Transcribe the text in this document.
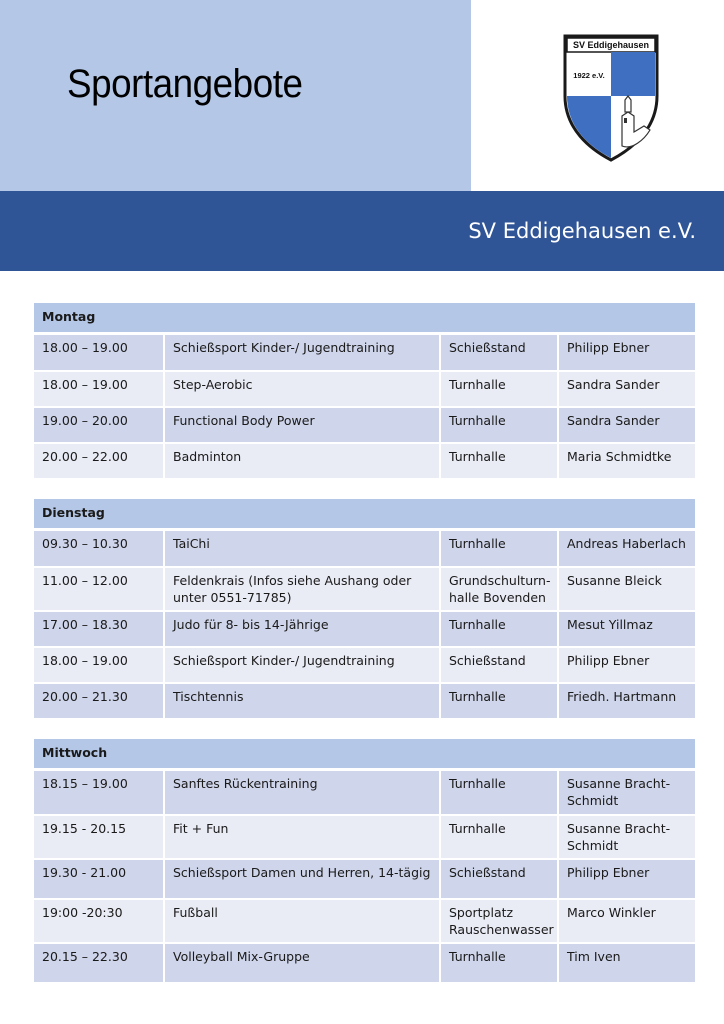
Sportangebote
SV Eddigehausen
1922 e.V.
SV Eddigehausen e.V.
Montag
18.00 – 19.00	Schießsport Kinder-/ Jugendtraining	Schießstand	Philipp Ebner
18.00 – 19.00	Step-Aerobic	Turnhalle	Sandra Sander
19.00 – 20.00	Functional Body Power	Turnhalle	Sandra Sander
20.00 – 22.00	Badminton	Turnhalle	Maria Schmidtke
Dienstag
09.30 – 10.30	TaiChi	Turnhalle	Andreas Haberlach
11.00 – 12.00	Feldenkrais (Infos siehe Aushang oder unter 0551-71785)	Grundschulturn-halle Bovenden	Susanne Bleick
17.00 – 18.30	Judo für 8- bis 14-Jährige	Turnhalle	Mesut Yillmaz
18.00 – 19.00	Schießsport Kinder-/ Jugendtraining	Schießstand	Philipp Ebner
20.00 – 21.30	Tischtennis	Turnhalle	Friedh. Hartmann
Mittwoch
18.15 – 19.00	Sanftes Rückentraining	Turnhalle	Susanne Bracht-Schmidt
19.15 - 20.15	Fit + Fun	Turnhalle	Susanne Bracht-Schmidt
19.30 - 21.00	Schießsport Damen und Herren, 14-tägig	Schießstand	Philipp Ebner
19:00 -20:30	Fußball	Sportplatz Rauschenwasser	Marco Winkler
20.15 – 22.30	Volleyball Mix-Gruppe	Turnhalle	Tim Iven
